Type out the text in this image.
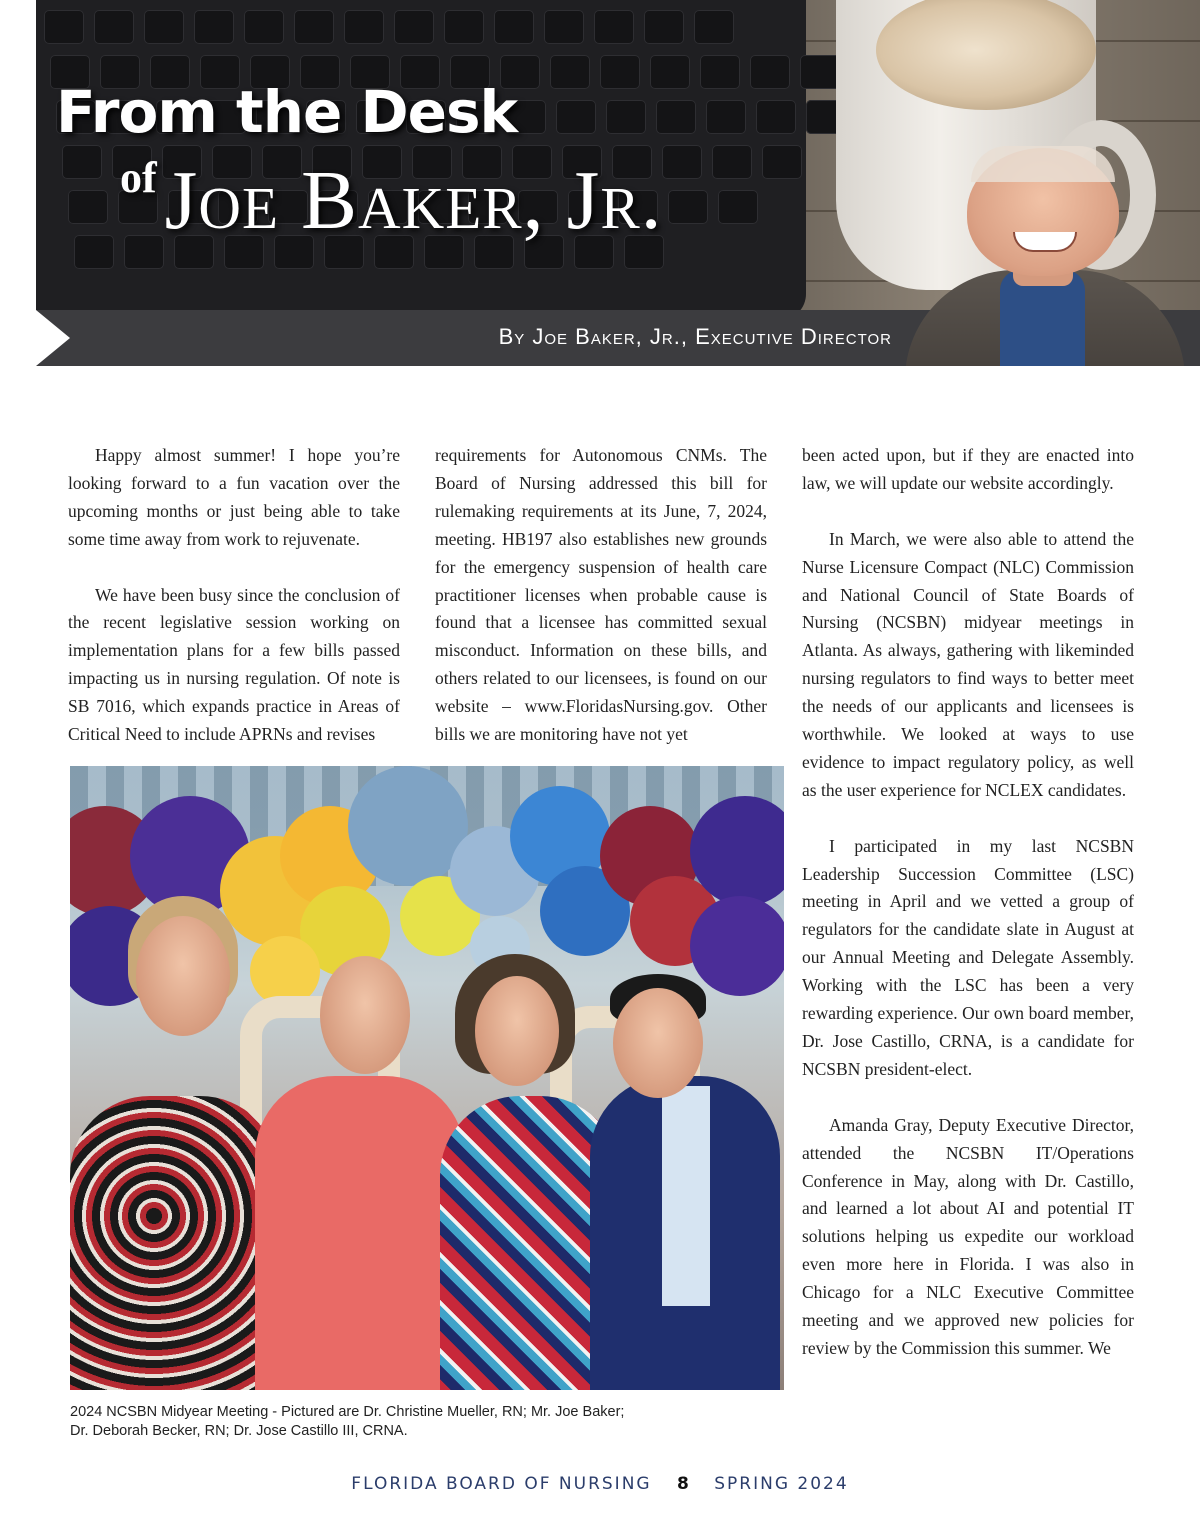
From the Desk
ofJoe Baker, Jr.

By Joe Baker, Jr., Executive Director

Happy almost summer! I hope you’re looking forward to a fun vacation over the upcoming months or just being able to take some time away from work to rejuvenate.

We have been busy since the conclusion of the recent legislative session working on implementation plans for a few bills passed impacting us in nursing regulation. Of note is SB 7016, which expands practice in Areas of Critical Need to include APRNs and revises

requirements for Autonomous CNMs. The Board of Nursing addressed this bill for rulemaking requirements at its June, 7, 2024, meeting. HB197 also establishes new grounds for the emergency suspension of health care practitioner licenses when probable cause is found that a licensee has committed sexual misconduct. Information on these bills, and others related to our licensees, is found on our website – www.FloridasNursing.gov. Other bills we are monitoring have not yet

been acted upon, but if they are enacted into law, we will update our website accordingly.

In March, we were also able to attend the Nurse Licensure Compact (NLC) Commission and National Council of State Boards of Nursing (NCSBN) midyear meetings in Atlanta. As always, gathering with likeminded nursing regulators to find ways to better meet the needs of our applicants and licensees is worthwhile. We looked at ways to use evidence to impact regulatory policy, as well as the user experience for NCLEX candidates.

I participated in my last NCSBN Leadership Succession Committee (LSC) meeting in April and we vetted a group of regulators for the candidate slate in August at our Annual Meeting and Delegate Assembly. Working with the LSC has been a very rewarding experience. Our own board member, Dr. Jose Castillo, CRNA, is a candidate for NCSBN president-elect.

Amanda Gray, Deputy Executive Director, attended the NCSBN IT/Operations Conference in May, along with Dr. Castillo, and learned a lot about AI and potential IT solutions helping us expedite our workload even more here in Florida. I was also in Chicago for a NLC Executive Committee meeting and we approved new policies for review by the Commission this summer. We

2024 NCSBN Midyear Meeting - Pictured are Dr. Christine Mueller, RN; Mr. Joe Baker;
Dr. Deborah Becker, RN; Dr. Jose Castillo III, CRNA.

FLORIDA BOARD OF NURSING 8 SPRING 2024
